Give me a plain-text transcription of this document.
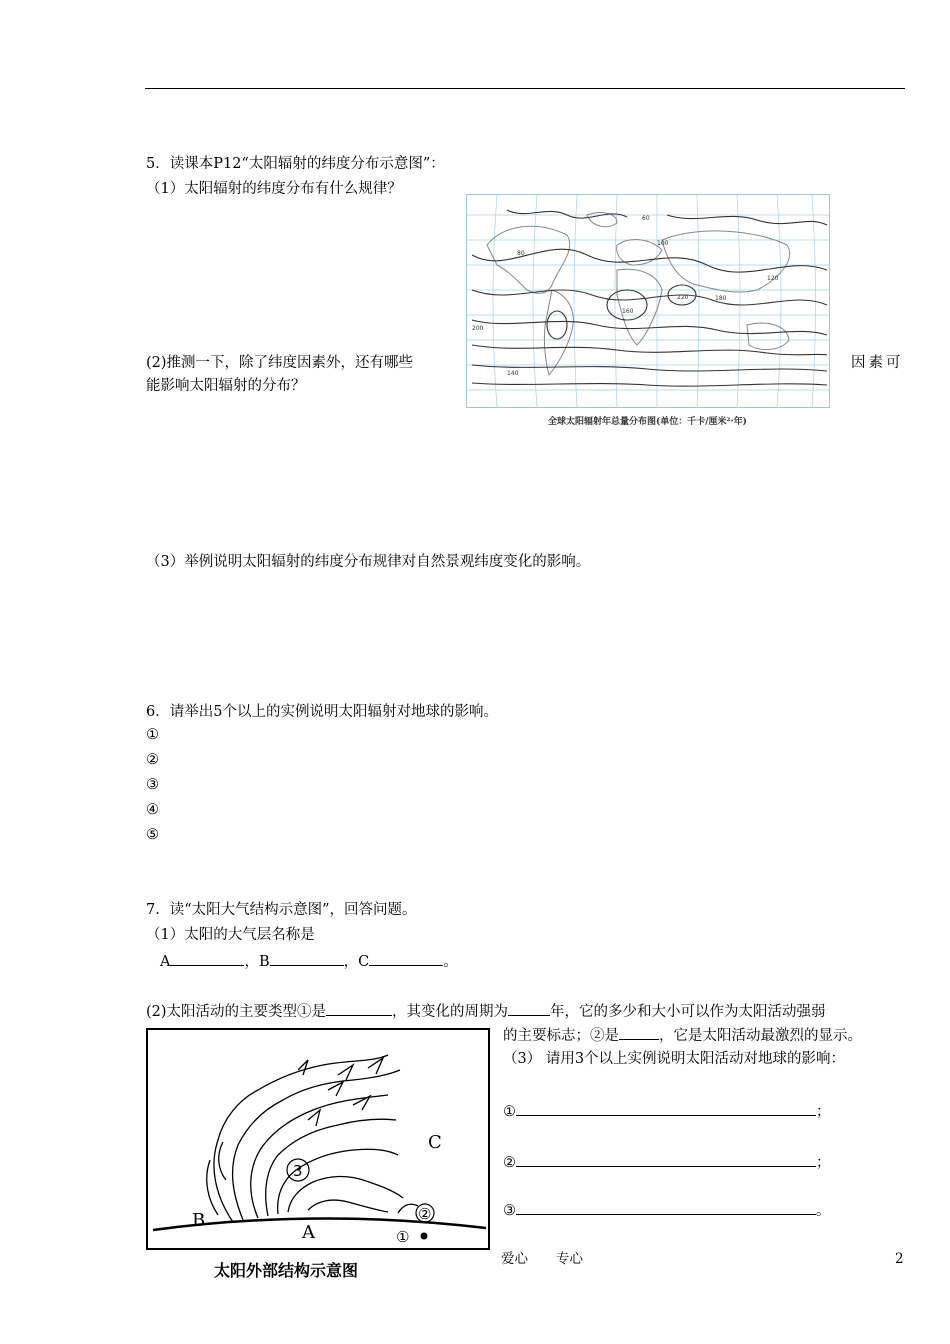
5．读课本P12“太阳辐射的纬度分布示意图”：
（1）太阳辐射的纬度分布有什么规律？
60
80
100
120
140
160
180
200
220
全球太阳辐射年总量分布图(单位：千卡/厘米²·年)
(2)推测一下，除了纬度因素外，还有哪些	因素可
能影响太阳辐射的分布？
（3）举例说明太阳辐射的纬度分布规律对自然景观纬度变化的影响。
6．请举出5个以上的实例说明太阳辐射对地球的影响。
①
②
③
④
⑤
7．读“太阳大气结构示意图”，回答问题。
（1）太阳的大气层名称是
A	，B	，C	。
(2)太阳活动的主要类型①是	，其变化的周期为	年，它的多少和大小可以作为太阳活动强弱
的主要标志；②是	，它是太阳活动最激烈的显示。
（3） 请用3个以上实例说明太阳活动对地球的影响：
①	；
②	；
③	。
3
②
①
C
B
A
太阳外部结构示意图
爱心 专心	2
